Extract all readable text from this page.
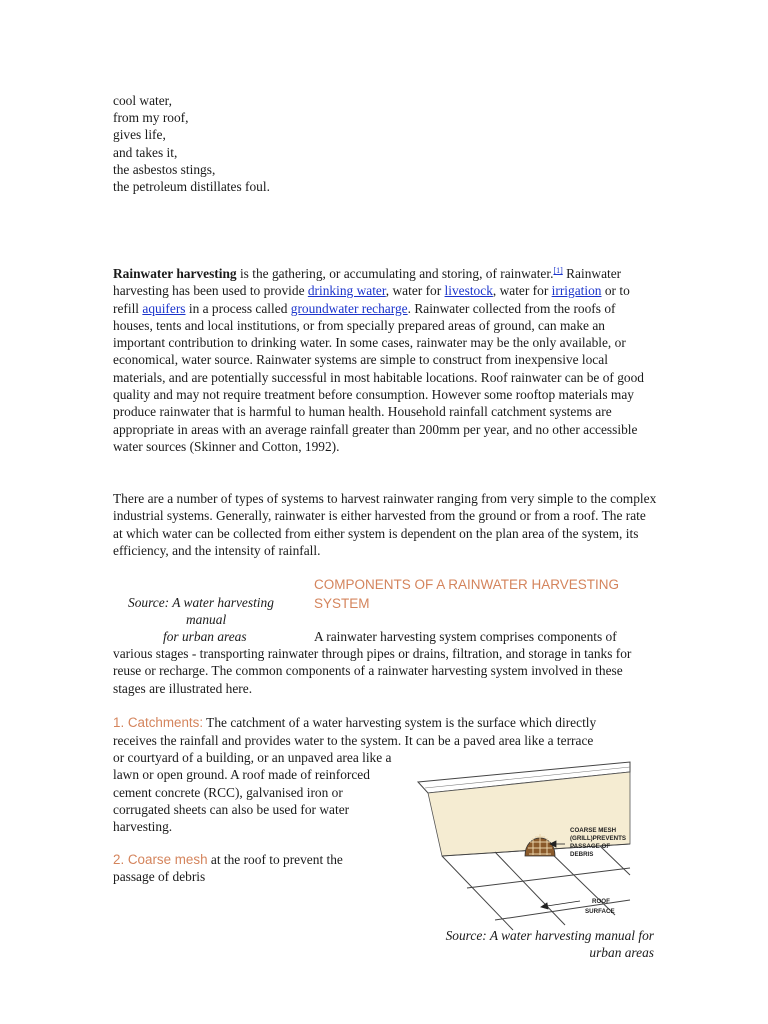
cool water,
from my roof,
gives life,
and takes it,
the asbestos stings,
the petroleum distillates foul.

Rainwater harvesting is the gathering, or accumulating and storing, of rainwater.[1] Rainwater harvesting has been used to provide drinking water, water for livestock, water for irrigation or to refill aquifers in a process called groundwater recharge. Rainwater collected from the roofs of houses, tents and local institutions, or from specially prepared areas of ground, can make an important contribution to drinking water. In some cases, rainwater may be the only available, or economical, water source. Rainwater systems are simple to construct from inexpensive local materials, and are potentially successful in most habitable locations. Roof rainwater can be of good quality and may not require treatment before consumption. However some rooftop materials may produce rainwater that is harmful to human health. Household rainfall catchment systems are appropriate in areas with an average rainfall greater than 200mm per year, and no other accessible water sources (Skinner and Cotton, 1992).

There are a number of types of systems to harvest rainwater ranging from very simple to the complex industrial systems. Generally, rainwater is either harvested from the ground or from a roof. The rate at which water can be collected from either system is dependent on the plan area of the system, its efficiency, and the intensity of rainfall.

COMPONENTS OF A RAINWATER HARVESTING SYSTEM
Source: A water harvesting
manual
for urban areas	A rainwater harvesting system comprises components of
various stages - transporting rainwater through pipes or drains, filtration, and storage in tanks for reuse or recharge. The common components of a rainwater harvesting system involved in these stages are illustrated here.
1. Catchments: The catchment of a water harvesting system is the surface which directly
receives the rainfall and provides water to the system. It can be a paved area like a terrace
or courtyard of a building, or an unpaved area like a lawn or open ground. A roof made of reinforced cement concrete (RCC), galvanised iron or corrugated sheets can also be used for water harvesting.
2. Coarse mesh at the roof to prevent the passage of debris
COARSE MESH (GRILL)PREVENTS PASSAGE OF DEBRIS
ROOF SURFACE
Source: A water harvesting manual for
urban areas
